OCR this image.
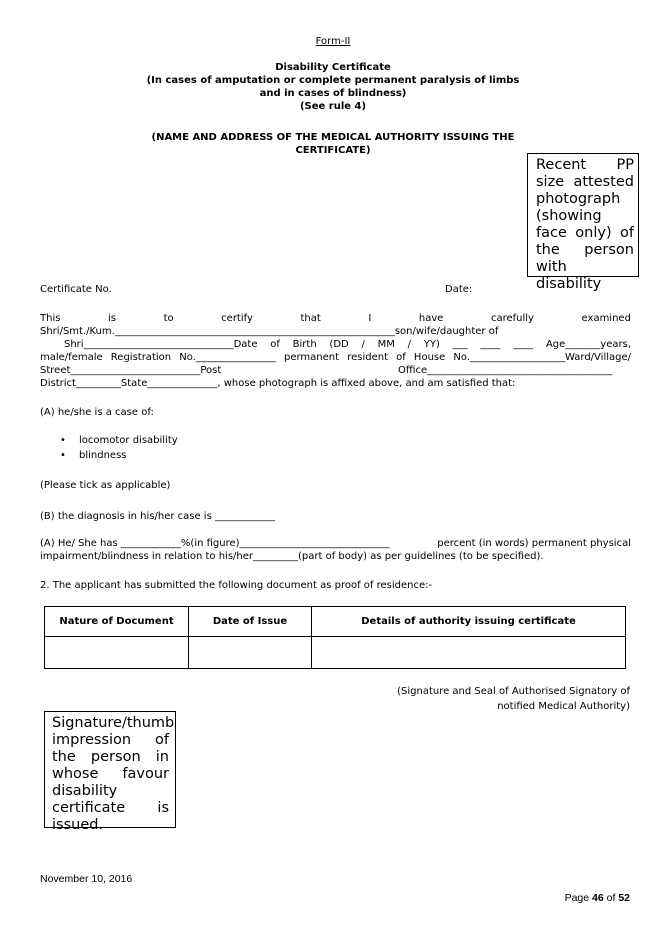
Form-II
Disability Certificate
(In cases of amputation or complete permanent paralysis of limbs
and in cases of blindness)
(See rule 4)
(NAME AND ADDRESS OF THE MEDICAL AUTHORITY ISSUING THE
CERTIFICATE)
Recent PP size attested photograph (showing face only) of the person with disability
Certificate No.	Date:
This	is	to	certify	that	I	have	carefully	examined
Shri/Smt./Kum.________________________________________________________son/wife/daughter of
Shri______________________________Date of Birth (DD / MM / YY) ___ ____ ____ Age_______years,
male/female Registration No.________________ permanent resident of House No.___________________Ward/Village/
Street__________________________Post	Office_____________________________________
District_________State______________, whose photograph is affixed above, and am satisfied that:
(A) he/she is a case of:
• locomotor disability
• blindness
(Please tick as applicable)
(B) the diagnosis in his/her case is ____________
(A) He/ She has ____________%(in figure)______________________________	percent (in words) permanent physical
impairment/blindness in relation to his/her_________(part of body) as per guidelines (to be specified).
2. The applicant has submitted the following document as proof of residence:-
Nature of Document	Date of Issue	Details of authority issuing certificate

(Signature and Seal of Authorised Signatory of
notified Medical Authority)
Signature/thumb impression of the person in whose favour disability certificate is issued.
November 10, 2016
Page 46 of 52
